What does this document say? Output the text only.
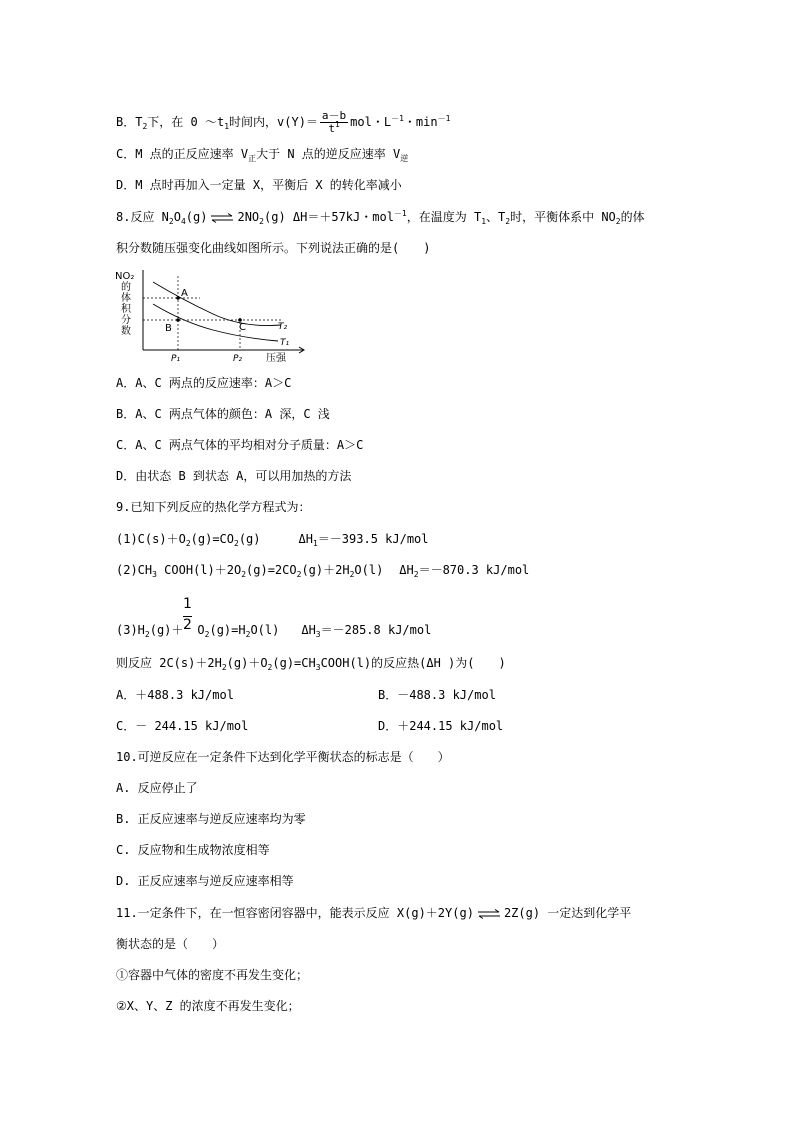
B．$T_2$下，在 0 $\sim t_1$时间内，$v(Y)= \frac{a-b}{t^1}$ mol・$L^{-1}$・$\min^{-1}$
C．M 点的正反应速率 $V_正$大于 N 点的逆反应速率 $V_逆$
D．M 点时再加入一定量 X，平衡后 X 的转化率减小
8.反应 $N_2O_4(g)$ ⇌ $2NO_2(g)$ ΔH＝＋57kJ・mol$^{-1}$，在温度为 $T_1$、$T_2$时，平衡体系中 $NO_2$的体
积分数随压强变化曲线如图所示。下列说法正确的是(　　)
NO₂
的
体
积
分
数
A
B	C	T₂
T₁
P₁	P₂ 压强
A．A、C 两点的反应速率：A＞C
B．A、C 两点气体的颜色：A 深，C 浅
C．A、C 两点气体的平均相对分子质量：A＞C
D．由状态 B 到状态 A，可以用加热的方法
9.已知下列反应的热化学方程式为：
$(1)C(s)+O_2(g)=CO_2(g)$	$\Delta H_1=-393.5$ kJ/mol
$(2)CH_3$ $COOH(l)+2O_2(g)=2CO_2(g)+2H_2O(l)$ $\Delta H_2=-870.3$ kJ/mol
1
2
$(3)H_2(g)+ O_2(g)=H_2O(l)$ $\Delta H_3=-285.8$ kJ/mol
则反应 $2C(s)+2H_2(g)+O_2(g)=CH_3COOH(l)$的反应热(ΔH )为(　　)
A．＋488.3 kJ/mol	B．－488.3 kJ/mol
C．－ 244.15 kJ/mol	D．＋244.15 kJ/mol
10.可逆反应在一定条件下达到化学平衡状态的标志是（　　）
A. 反应停止了
B. 正反应速率与逆反应速率均为零
C. 反应物和生成物浓度相等
D. 正反应速率与逆反应速率相等
11.一定条件下，在一恒容密闭容器中，能表示反应 X(g)＋2Y(g) ⇌ 2Z(g) 一定达到化学平
衡状态的是（　　）
①容器中气体的密度不再发生变化；
②X、Y、Z 的浓度不再发生变化；
